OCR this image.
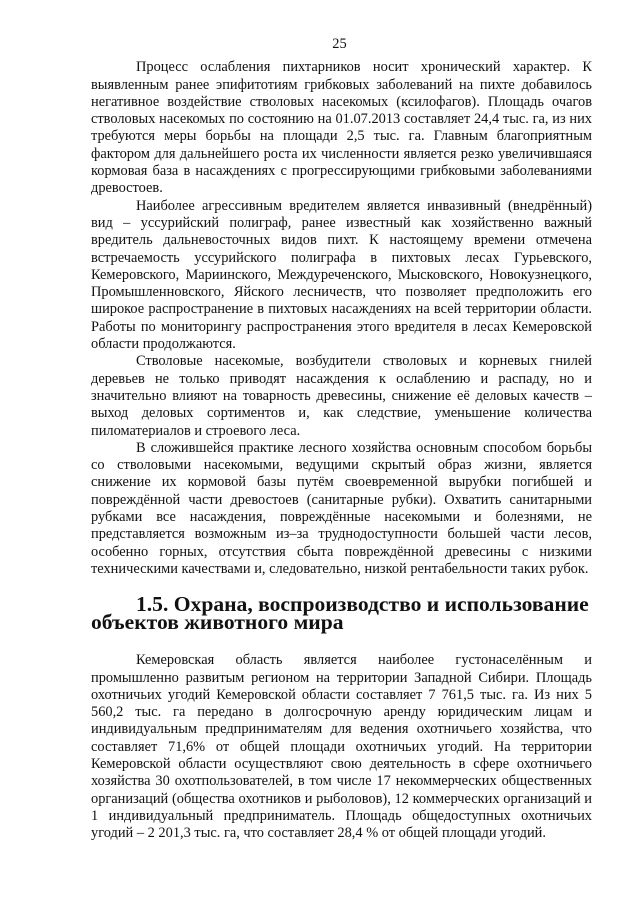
25

Процесс ослабления пихтарников носит хронический характер. К выявленным ранее эпифитотиям грибковых заболеваний на пихте добавилось негативное воздействие стволовых насекомых (ксилофагов). Площадь очагов стволовых насекомых по состоянию на 01.07.2013 составляет 24,4 тыс. га, из них требуются меры борьбы на площади 2,5 тыс. га. Главным благоприятным фактором для дальнейшего роста их численности является резко увеличившаяся кормовая база в насаждениях с прогрессирующими грибковыми заболеваниями древостоев.

Наиболее агрессивным вредителем является инвазивный (внедрённый) вид – уссурийский полиграф, ранее известный как хозяйственно важный вредитель дальневосточных видов пихт. К настоящему времени отмечена встречаемость уссурийского полиграфа в пихтовых лесах Гурьевского, Кемеровского, Мариинского, Междуреченского, Мысковского, Новокузнецкого, Промышленновского, Яйского лесничеств, что позволяет предположить его широкое распространение в пихтовых насаждениях на всей территории области. Работы по мониторингу распространения этого вредителя в лесах Кемеровской области продолжаются.

Стволовые насекомые, возбудители стволовых и корневых гнилей деревьев не только приводят насаждения к ослаблению и распаду, но и значительно влияют на товарность древесины, снижение её деловых качеств – выход деловых сортиментов и, как следствие, уменьшение количества пиломатериалов и строевого леса.

В сложившейся практике лесного хозяйства основным способом борьбы со стволовыми насекомыми, ведущими скрытый образ жизни, является снижение их кормовой базы путём своевременной вырубки погибшей и повреждённой части древостоев (санитарные рубки). Охватить санитарными рубками все насаждения, повреждённые насекомыми и болезнями, не представляется возможным из–за труднодоступности большей части лесов, особенно горных, отсутствия сбыта повреждённой древесины с низкими техническими качествами и, следовательно, низкой рентабельности таких рубок.

1.5. Охрана, воспроизводство и использование объектов животного мира

Кемеровская область является наиболее густонаселённым и промышленно развитым регионом на территории Западной Сибири. Площадь охотничьих угодий Кемеровской области составляет 7 761,5 тыс. га. Из них 5 560,2 тыс. га передано в долгосрочную аренду юридическим лицам и индивидуальным предпринимателям для ведения охотничьего хозяйства, что составляет 71,6% от общей площади охотничьих угодий. На территории Кемеровской области осуществляют свою деятельность в сфере охотничьего хозяйства 30 охотпользователей, в том числе 17 некоммерческих общественных организаций (общества охотников и рыболовов), 12 коммерческих организаций и 1 индивидуальный предприниматель. Площадь общедоступных охотничьих угодий – 2 201,3 тыс. га, что составляет 28,4 % от общей площади угодий.
